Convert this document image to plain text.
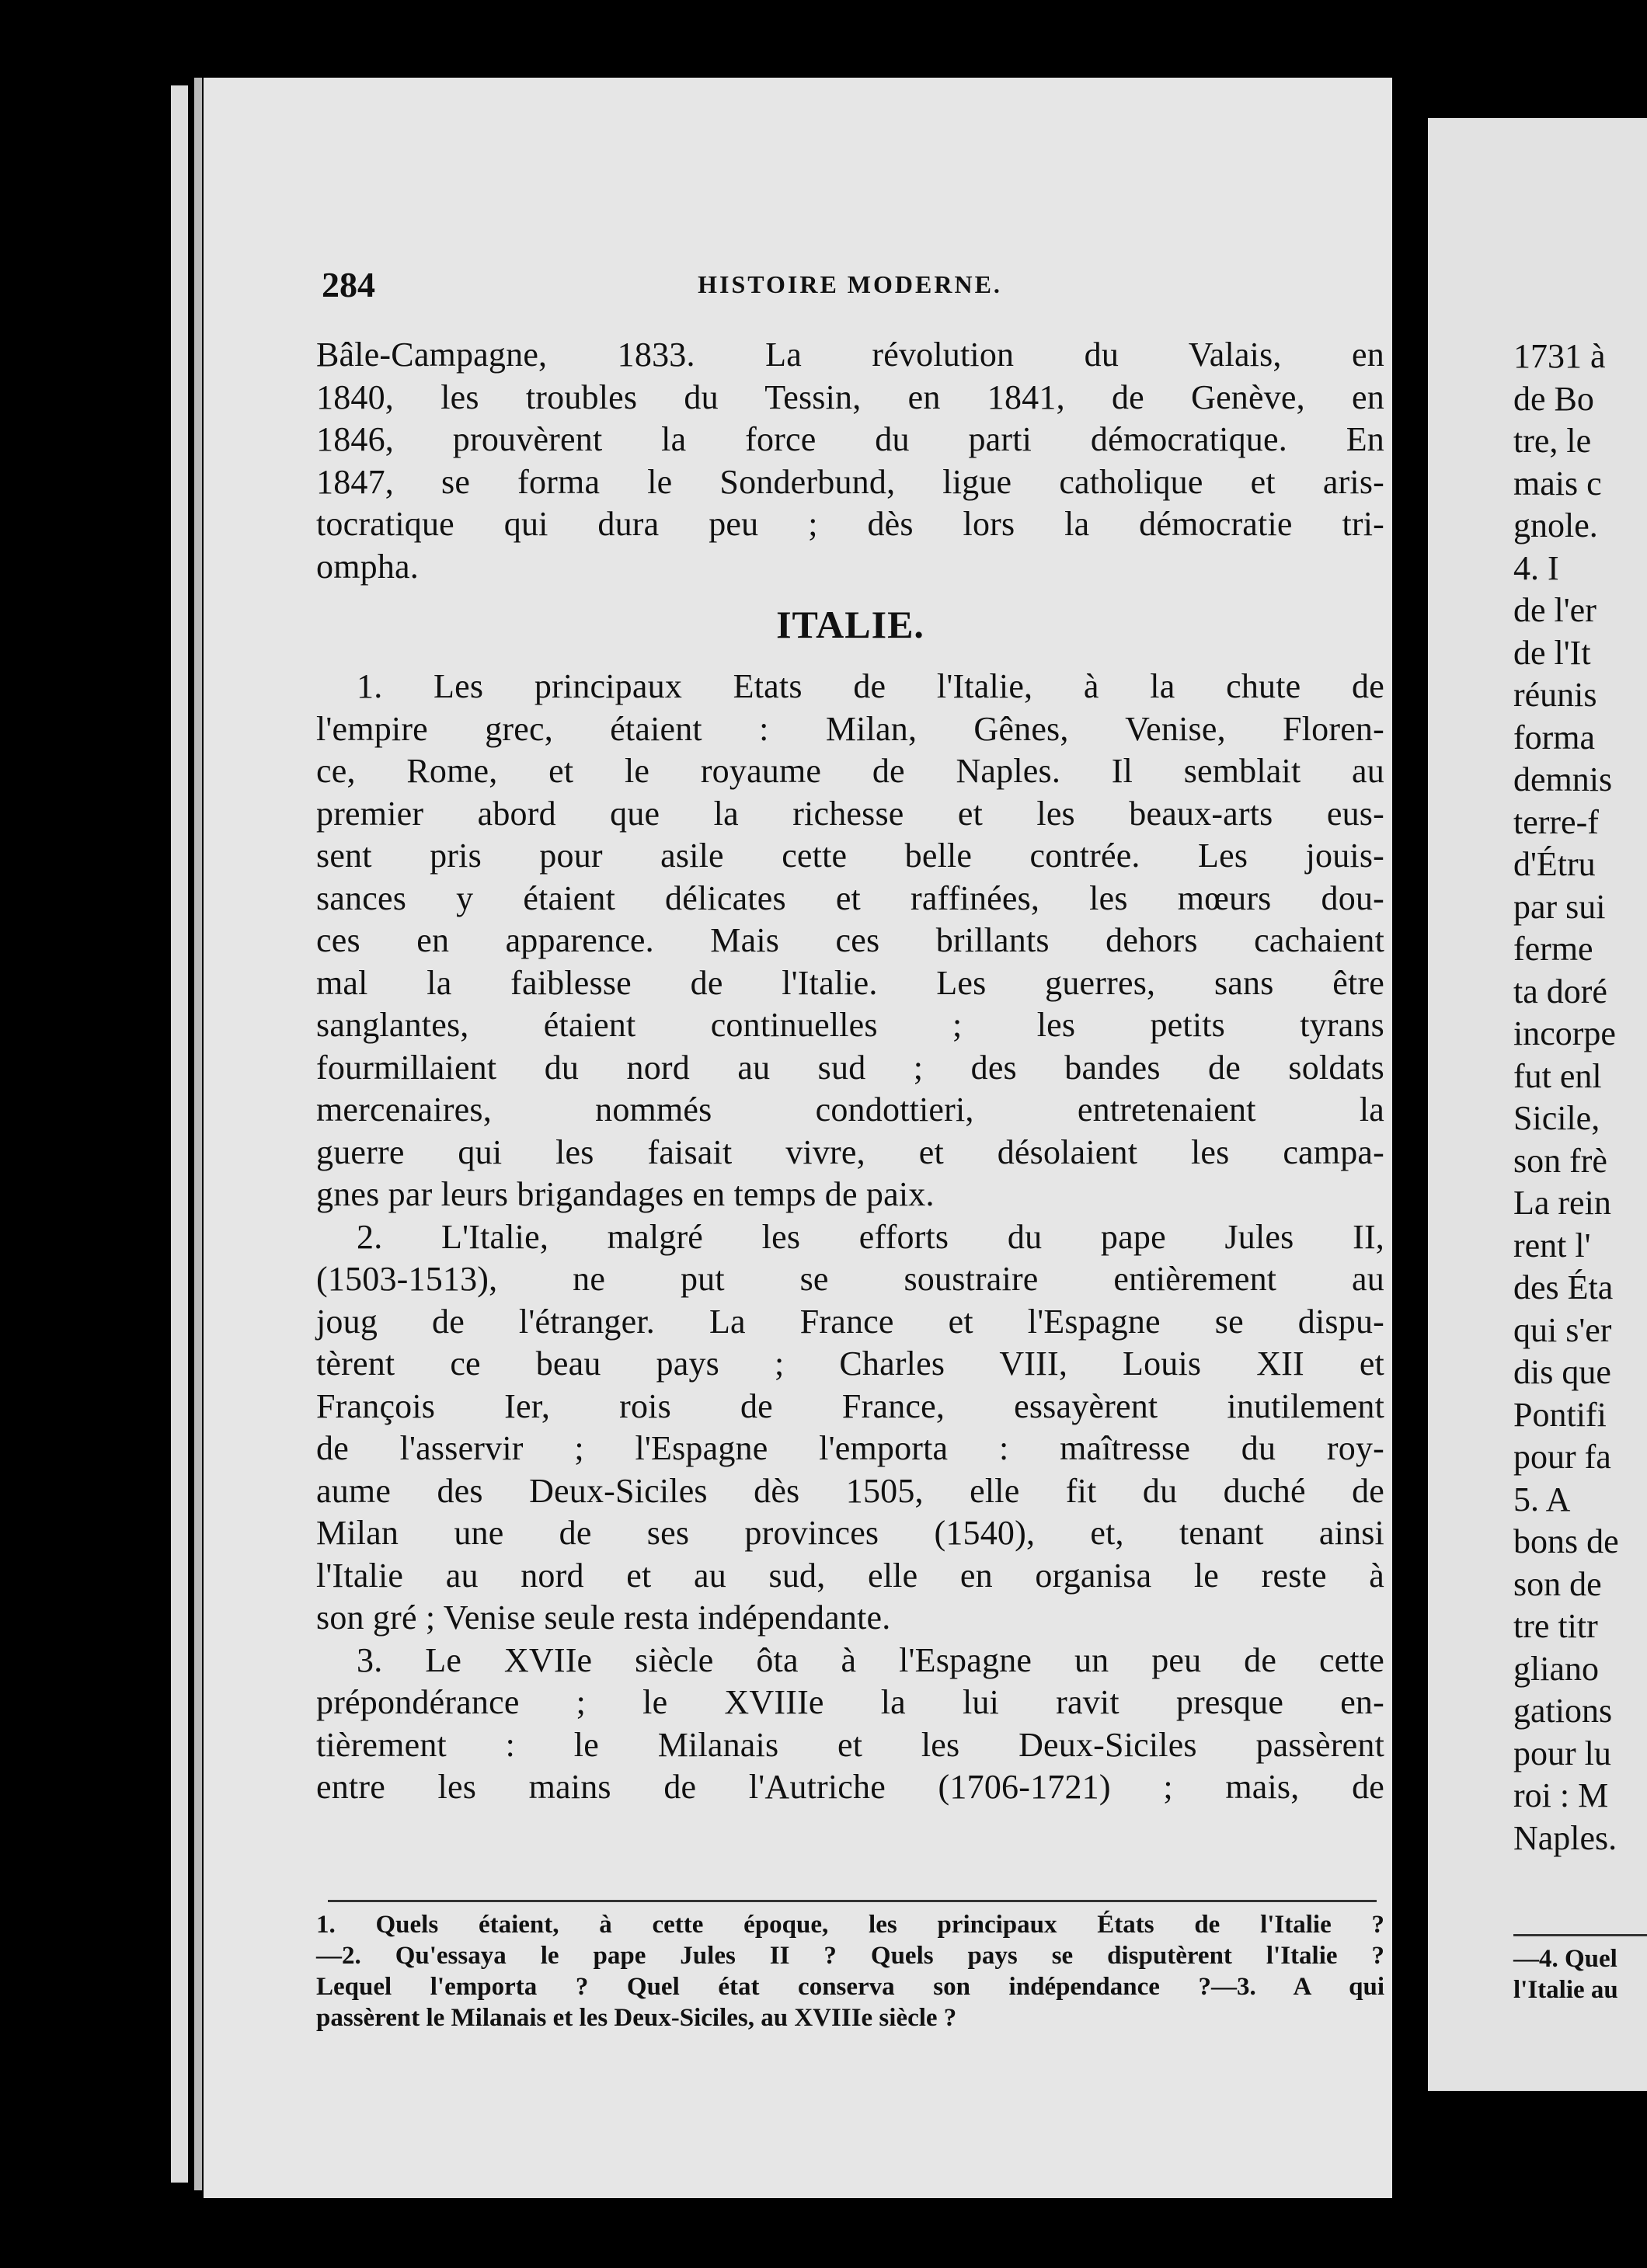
284	HISTOIRE MODERNE.
Bâle-Campagne, 1833. La révolution du Valais, en
1840, les troubles du Tessin, en 1841, de Genève, en
1846, prouvèrent la force du parti démocratique. En
1847, se forma le Sonderbund, ligue catholique et aris-
tocratique qui dura peu ; dès lors la démocratie tri-
ompha.
ITALIE.
1. Les principaux Etats de l'Italie, à la chute de
l'empire grec, étaient : Milan, Gênes, Venise, Floren-
ce, Rome, et le royaume de Naples. Il semblait au
premier abord que la richesse et les beaux-arts eus-
sent pris pour asile cette belle contrée. Les jouis-
sances y étaient délicates et raffinées, les mœurs dou-
ces en apparence. Mais ces brillants dehors cachaient
mal la faiblesse de l'Italie. Les guerres, sans être
sanglantes, étaient continuelles ; les petits tyrans
fourmillaient du nord au sud ; des bandes de soldats
mercenaires, nommés condottieri, entretenaient la
guerre qui les faisait vivre, et désolaient les campa-
gnes par leurs brigandages en temps de paix.
2. L'Italie, malgré les efforts du pape Jules II,
(1503-1513), ne put se soustraire entièrement au
joug de l'étranger. La France et l'Espagne se dispu-
tèrent ce beau pays ; Charles VIII, Louis XII et
François Ier, rois de France, essayèrent inutilement
de l'asservir ; l'Espagne l'emporta : maîtresse du roy-
aume des Deux-Siciles dès 1505, elle fit du duché de
Milan une de ses provinces (1540), et, tenant ainsi
l'Italie au nord et au sud, elle en organisa le reste à
son gré ; Venise seule resta indépendante.
3. Le XVIIe siècle ôta à l'Espagne un peu de cette
prépondérance ; le XVIIIe la lui ravit presque en-
tièrement : le Milanais et les Deux-Siciles passèrent
entre les mains de l'Autriche (1706-1721) ; mais, de
1. Quels étaient, à cette époque, les principaux États de l'Italie ?
—2. Qu'essaya le pape Jules II ? Quels pays se disputèrent l'Italie ?
Lequel l'emporta ? Quel état conserva son indépendance ?—3. A qui
passèrent le Milanais et les Deux-Siciles, au XVIIIe siècle ?
1731 à
de Bo
tre, le
mais c
gnole.
4. I
de l'er
de l'It
réunis
forma
demnis
terre-f
d'Étru
par sui
ferme
ta doré
incorpe
fut enl
Sicile,
son frè
La rein
rent l'
des Éta
qui s'er
dis que
Pontifi
pour fa
5. A
bons de
son de
tre titr
gliano
gations
pour lu
roi : M
Naples.
—4. Quel
l'Italie au
